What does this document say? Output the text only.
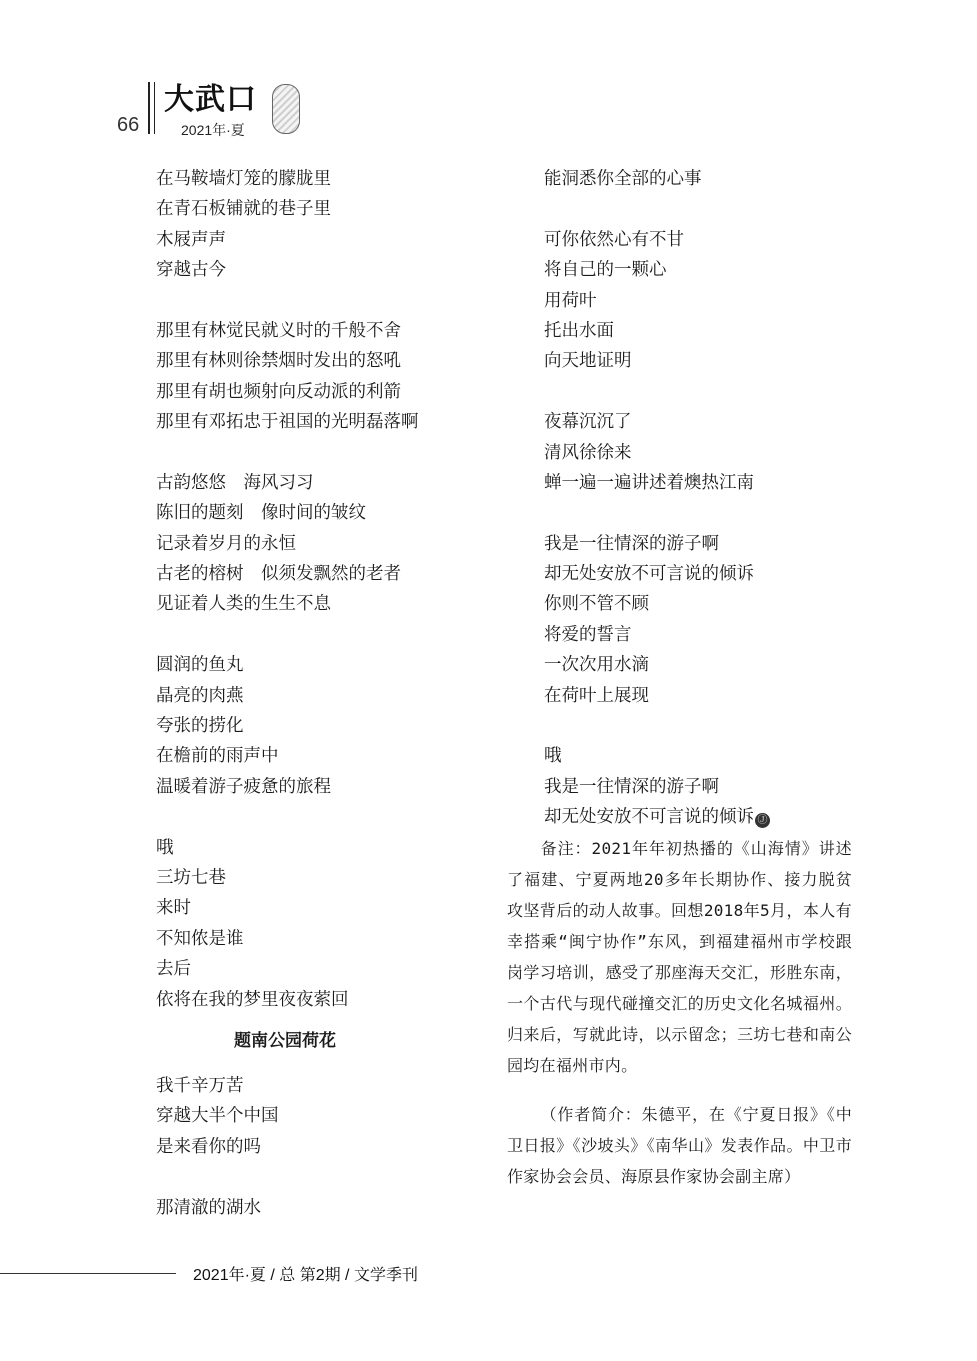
66
大武口
2021年·夏
在马鞍墙灯笼的朦胧里
在青石板铺就的巷子里
木屐声声
穿越古今
那里有林觉民就义时的千般不舍
那里有林则徐禁烟时发出的怒吼
那里有胡也频射向反动派的利箭
那里有邓拓忠于祖国的光明磊落啊
古韵悠悠　海风习习
陈旧的题刻　像时间的皱纹
记录着岁月的永恒
古老的榕树　似须发飘然的老者
见证着人类的生生不息
圆润的鱼丸
晶亮的肉燕
夸张的捞化
在檐前的雨声中
温暖着游子疲惫的旅程
哦
三坊七巷
来时
不知侬是谁
去后
依将在我的梦里夜夜萦回
题南公园荷花
我千辛万苦
穿越大半个中国
是来看你的吗
那清澈的湖水
能洞悉你全部的心事
可你依然心有不甘
将自己的一颗心
用荷叶
托出水面
向天地证明
夜幕沉沉了
清风徐徐来
蝉一遍一遍讲述着燠热江南
我是一往情深的游子啊
却无处安放不可言说的倾诉
你则不管不顾
将爱的誓言
一次次用水滴
在荷叶上展现
哦
我是一往情深的游子啊
却无处安放不可言说的倾诉 Ⓙ

备注：2021年年初热播的《山海情》讲述了福建、宁夏两地20多年长期协作、接力脱贫攻坚背后的动人故事。回想2018年5月，本人有幸搭乘“闽宁协作”东风，到福建福州市学校跟岗学习培训，感受了那座海天交汇，形胜东南，一个古代与现代碰撞交汇的历史文化名城福州。归来后，写就此诗，以示留念；三坊七巷和南公园均在福州市内。

（作者简介：朱德平，在《宁夏日报》《中卫日报》《沙坡头》《南华山》发表作品。中卫市作家协会会员、海原县作家协会副主席）

2021年·夏 / 总 第2期 / 文学季刊
